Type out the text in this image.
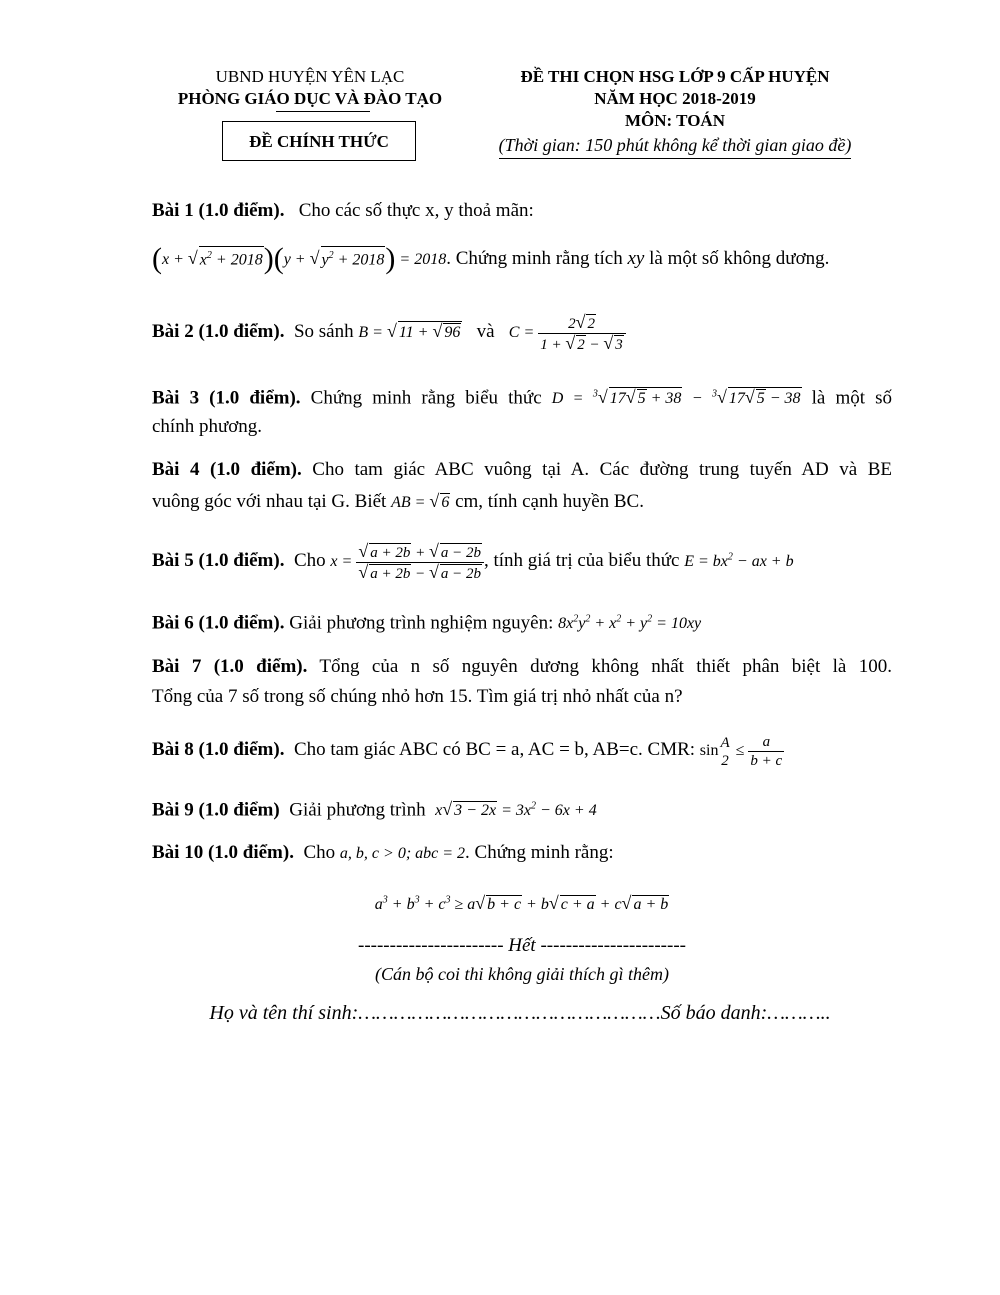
UBND HUYỆN YÊN LẠC
PHÒNG GIÁO DỤC VÀ ĐÀO TẠO
ĐỀ CHÍNH THỨC
ĐỀ THI CHỌN HSG LỚP 9 CẤP HUYỆN
NĂM HỌC 2018-2019
MÔN: TOÁN
(Thời gian: 150 phút không kể thời gian giao đề)
Bài 1 (1.0 điểm). Cho các số thực x, y thoả mãn:
(x + √ $x^2 + 2018)(y$ + √ $y^2 + 2018) = 2018$. Chứng minh rằng tích xy là một số không dương.
Bài 2 (1.0 điểm). So sánh B = √ 11 + √ 96 và $C = \frac{2√ 2}{1 + √ 2 - √ 3}$
Bài 3 (1.0 điểm). Chứng minh rằng biểu thức D = $^3$√ 17√ 5 + 38 − $^3$√ 17√ 5 − 38 là một số
chính phương.
Bài 4 (1.0 điểm). Cho tam giác ABC vuông tại A. Các đường trung tuyến AD và BE
vuông góc với nhau tại G. Biết AB = √ 6 cm, tính cạnh huyền BC.
Bài 5 (1.0 điểm). Cho $x = \frac{√ a + 2b + √ a - 2b}{√ a + 2b - √ a - 2b}$ , tính giá trị của biểu thức $E = bx^2$ − ax + b
Bài 6 (1.0 điểm). Giải phương trình nghiệm nguyên: $8x^2y^2 + x^2 + y^2 = 10xy$
Bài 7 (1.0 điểm). Tổng của n số nguyên dương không nhất thiết phân biệt là 100.
Tổng của 7 số trong số chúng nhỏ hơn 15. Tìm giá trị nhỏ nhất của n?
Bài 8 (1.0 điểm). Cho tam giác ABC có BC = a, AC = b, AB=c. CMR: sin A
2
≤ $\frac{a}{b + c}$
Bài 9 (1.0 điểm) Giải phương trình x√ $3 - 2x = 3x^2 - 6x + 4$
Bài 10 (1.0 điểm). Cho a, b, c > 0; abc = 2. Chứng minh rằng:
$a^3 + b^3 + c^3 \ge a√$ b + c + b√ c + a + c√ a + b
----------------------- Hết -----------------------
(Cán bộ coi thi không giải thích gì thêm)
Họ và tên thí sinh:……………………………………………Số báo danh:………..
